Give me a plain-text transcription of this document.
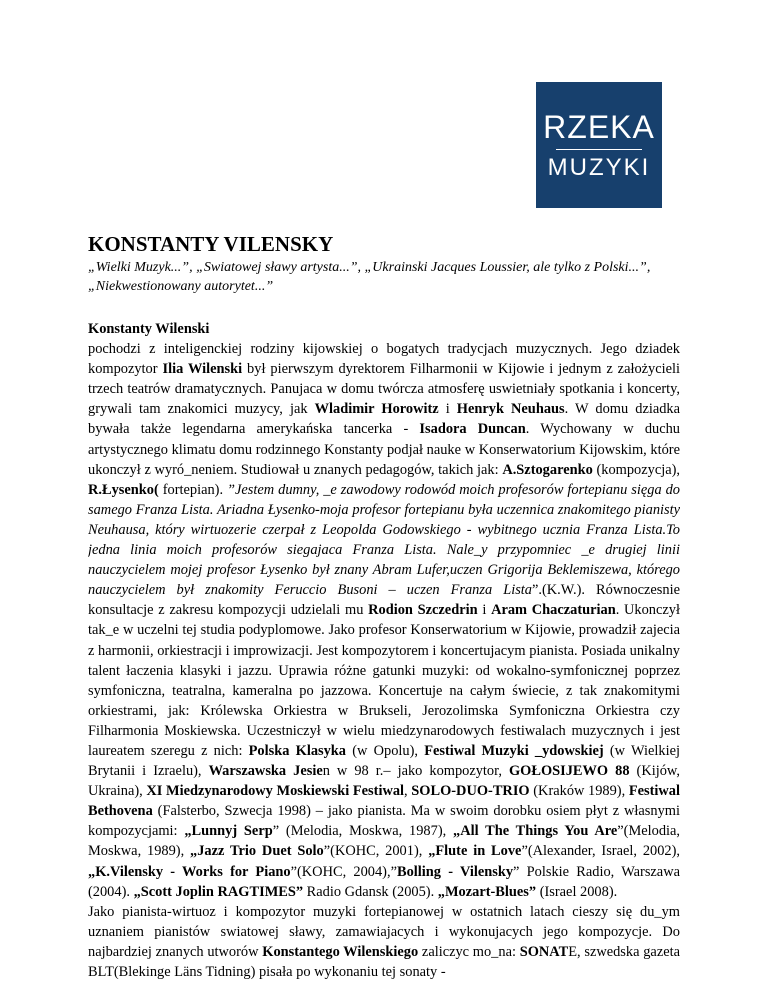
RZEKA
MUZYKI
KONSTANTY VILENSKY

„Wielki Muzyk...”, „Swiatowej sławy artysta...”, „Ukrainski Jacques Loussier, ale tylko z Polski...”, „Niekwestionowany autorytet...”

Konstanty Wilenski

pochodzi z inteligenckiej rodziny kijowskiej o bogatych tradycjach muzycznych. Jego dziadek kompozytor Ilia Wilenski był pierwszym dyrektorem Filharmonii w Kijowie i jednym z założycieli trzech teatrów dramatycznych. Panujaca w domu twórcza atmosferę uswietniały spotkania i koncerty, grywali tam znakomici muzycy, jak Wladimir Horowitz i Henryk Neuhaus. W domu dziadka bywała także legendarna amerykańska tancerka - Isadora Duncan. Wychowany w duchu artystycznego klimatu domu rodzinnego Konstanty podjał nauke w Konserwatorium Kijowskim, które ukonczył z wyró_neniem. Studiował u znanych pedagogów, takich jak: A.Sztogarenko (kompozycja), R.Łysenko( fortepian). ”Jestem dumny, _e zawodowy rodowód moich profesorów fortepianu sięga do samego Franza Lista. Ariadna Łysenko-moja profesor fortepianu była uczennica znakomitego pianisty Neuhausa, który wirtuozerie czerpał z Leopolda Godowskiego - wybitnego ucznia Franza Lista.To jedna linia moich profesorów siegajaca Franza Lista. Nale_y przypomniec _e drugiej linii nauczycielem mojej profesor Łysenko był znany Abram Lufer,uczen Grigorija Beklemiszewa, którego nauczycielem był znakomity Feruccio Busoni – uczen Franza Lista”.(K.W.). Równoczesnie konsultacje z zakresu kompozycji udzielali mu Rodion Szczedrin i Aram Chaczaturian. Ukonczył tak_e w uczelni tej studia podyplomowe. Jako profesor Konserwatorium w Kijowie, prowadził zajecia z harmonii, orkiestracji i improwizacji. Jest kompozytorem i koncertujacym pianista. Posiada unikalny talent łaczenia klasyki i jazzu. Uprawia różne gatunki muzyki: od wokalno-symfonicznej poprzez symfoniczna, teatralna, kameralna po jazzowa. Koncertuje na całym świecie, z tak znakomitymi orkiestrami, jak: Królewska Orkiestra w Brukseli, Jerozolimska Symfoniczna Orkiestra czy Filharmonia Moskiewska. Uczestniczył w wielu miedzynarodowych festiwalach muzycznych i jest laureatem szeregu z nich: Polska Klasyka (w Opolu), Festiwal Muzyki _ydowskiej (w Wielkiej Brytanii i Izraelu), Warszawska Jesien w 98 r.– jako kompozytor, GOŁOSIJEWO 88 (Kijów, Ukraina), XI Miedzynarodowy Moskiewski Festiwal, SOLO-DUO-TRIO (Kraków 1989), Festiwal Bethovena (Falsterbo, Szwecja 1998) – jako pianista. Ma w swoim dorobku osiem płyt z własnymi kompozycjami: „Lunnyj Serp” (Melodia, Moskwa, 1987), „All The Things You Are”(Melodia, Moskwa, 1989), „Jazz Trio Duet Solo”(KOHC, 2001), „Flute in Love”(Alexander, Israel, 2002), „K.Vilensky - Works for Piano”(KOHC, 2004),”Bolling - Vilensky” Polskie Radio, Warszawa (2004). „Scott Joplin RAGTIMES” Radio Gdansk (2005). „Mozart-Blues” (Israel 2008).
Jako pianista-wirtuoz i kompozytor muzyki fortepianowej w ostatnich latach cieszy się du_ym uznaniem pianistów swiatowej sławy, zamawiajacych i wykonujacych jego kompozycje. Do najbardziej znanych utworów Konstantego Wilenskiego zaliczyc mo_na: SONATE, szwedska gazeta BLT(Blekinge Läns Tidning) pisała po wykonaniu tej sonaty -
